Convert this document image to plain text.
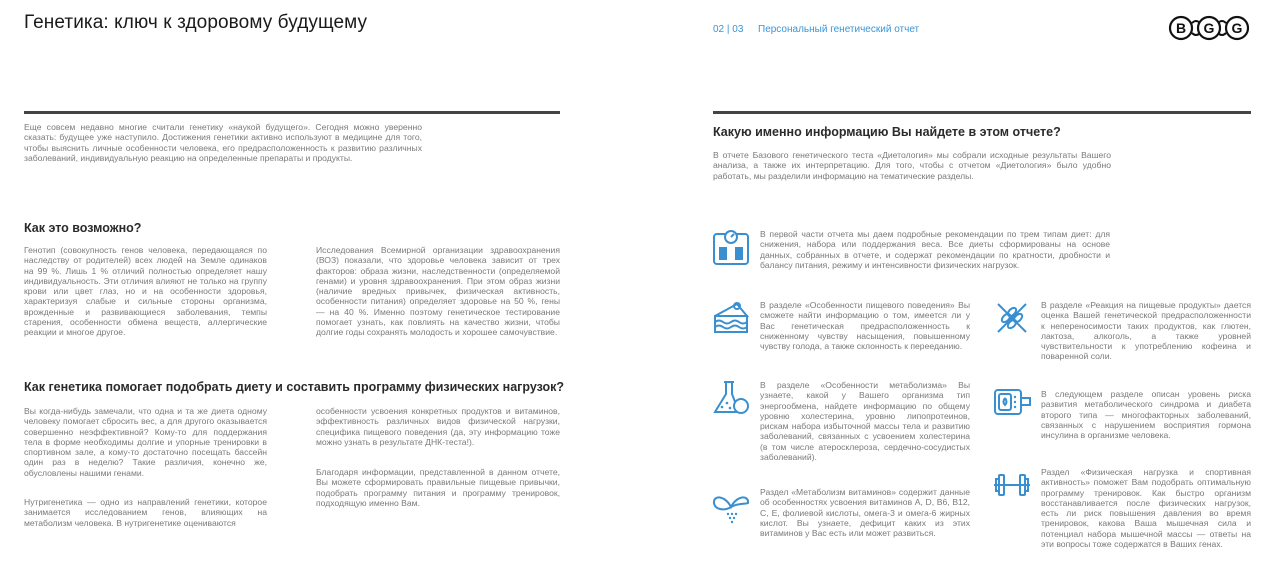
Генетика: ключ к здоровому будущему

Еще совсем недавно многие считали генетику «наукой будущего». Сегодня можно уверенно сказать: будущее уже наступило. Достижения генетики активно используют в медицине для того, чтобы выяснить личные особенности человека, его предрасположенность к развитию различных заболеваний, индивидуальную реакцию на определенные препараты и продукты.

Как это возможно?

Генотип (совокупность генов человека, передающаяся по наследству от родителей) всех людей на Земле одинаков на 99 %. Лишь 1 % отличий полностью определяет нашу индивидуальность. Эти отличия влияют не только на группу крови или цвет глаз, но и на особенности здоровья, характеризуя слабые и сильные стороны организма, врожденные и развивающиеся заболевания, темпы старения, особенности обмена веществ, аллергические реакции и многое другое.

Исследования Всемирной организации здравоохранения (ВОЗ) показали, что здоровье человека зависит от трех факторов: образа жизни, наследственности (определяемой генами) и уровня здравоохранения. При этом образ жизни (наличие вредных привычек, физическая активность, особенности питания) определяет здоровье на 50 %, гены — на 40 %. Именно поэтому генетическое тестирование помогает узнать, как повлиять на качество жизни, чтобы долгие годы сохранять молодость и хорошее самочувствие.

Как генетика помогает подобрать диету и составить программу физических нагрузок?

Вы когда-нибудь замечали, что одна и та же диета одному человеку помогает сбросить вес, а для другого оказывается совершенно неэффективной? Кому-то для поддержания тела в форме необходимы долгие и упорные тренировки в спортивном зале, а кому-то достаточно посещать бассейн один раз в неделю? Такие различия, конечно же, обусловлены нашими генами.

Нутригенетика — одно из направлений генетики, которое занимается исследованием генов, влияющих на метаболизм человека. В нутригенетике оцениваются

особенности усвоения конкретных продуктов и витаминов, эффективность различных видов физической нагрузки, специфика пищевого поведения (да, эту информацию тоже можно узнать в результате ДНК-теста!).

Благодаря информации, представленной в данном отчете, Вы можете сформировать правильные пищевые привычки, подобрать программу питания и программу тренировок, подходящую именно Вам.

02 | 03 Персональный генетический отчет	B G G
Какую именно информацию Вы найдете в этом отчете?

В отчете Базового генетического теста «Диетология» мы собрали исходные результаты Вашего анализа, а также их интерпретацию. Для того, чтобы с отчетом «Диетология» было удобно работать, мы разделили информацию на тематические разделы.

В первой части отчета мы даем подробные рекомендации по трем типам диет: для снижения, набора или поддержания веса. Все диеты сформированы на основе данных, собранных в отчете, и содержат рекомендации по кратности, дробности и балансу питания, режиму и интенсивности физических нагрузок.

В разделе «Особенности пищевого поведения» Вы сможете найти информацию о том, имеется ли у Вас генетическая предрасположенность к сниженному чувству насыщения, повышенному чувству голода, а также склонность к перееданию.

В разделе «Реакция на пищевые продукты» дается оценка Вашей генетической предрасположенности к непереносимости таких продуктов, как глютен, лактоза, алкоголь, а также уровней чувствительности к употреблению кофеина и поваренной соли.

В разделе «Особенности метаболизма» Вы узнаете, какой у Вашего организма тип энергообмена, найдете информацию по общему уровню холестерина, уровню липопротеинов, рискам набора избыточной массы тела и развитию заболеваний, связанных с усвоением холестерина (в том числе атеросклероза, сердечно-сосудистых заболеваний).

В следующем разделе описан уровень риска развития метаболического синдрома и диабета второго типа — многофакторных заболеваний, связанных с нарушением восприятия гормона инсулина в организме человека.

Раздел «Метаболизм витаминов» содержит данные об особенностях усвоения витаминов A, D, B6, B12, C, E, фолиевой кислоты, омега-3 и омега-6 жирных кислот. Вы узнаете, дефицит каких из этих витаминов у Вас есть или может развиться.

Раздел «Физическая нагрузка и спортивная активность» поможет Вам подобрать оптимальную программу тренировок. Как быстро организм восстанавливается после физических нагрузок, есть ли риск повышения давления во время тренировок, какова Ваша мышечная сила и потенциал набора мышечной массы — ответы на эти вопросы тоже содержатся в Ваших генах.
